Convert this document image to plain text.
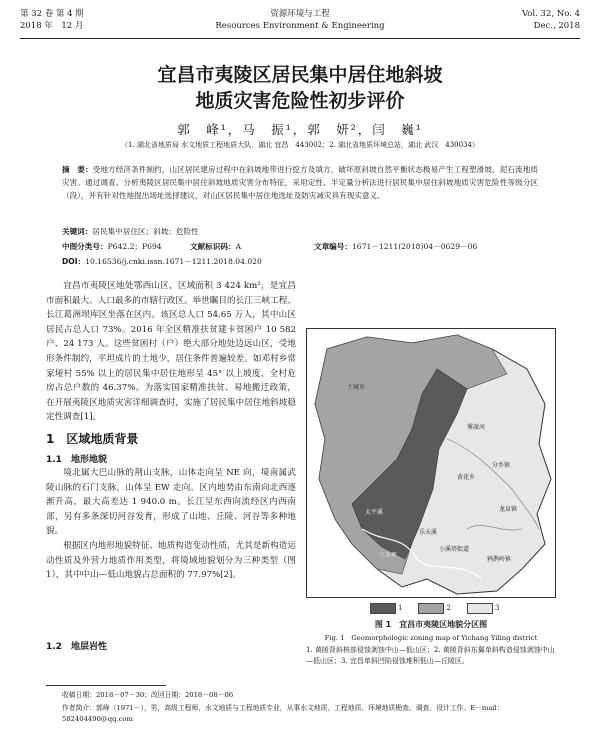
第 32 卷 第 4 期
2018 年　12 月
资源环境与工程
Resources Environment & Engineering
Vol. 32, No. 4
Dec., 2018
宜昌市夷陵区居民集中居住地斜坡
地质灾害危险性初步评价
郭　峰¹，马　振¹，郭　妍²，闫　巍¹
（1. 湖北省地质局 水文地质工程地质大队，湖北 宜昌　443002；2. 湖北省地质环境总站，湖北 武汉　430034）
摘　要：受地方经济条件制约，山区居民建房过程中在斜坡地带进行挖方及填方，破坏原斜坡自然平衡状态极易产生工程塑滑坡、泥石流地质灾害。通过调查、分析夷陵区居民集中居住斜坡地质灾害分布特征，采用定性、半定量分析法进行居民集中居住斜坡地质灾害危险性等级分区（段），并有针对性地提出场址选择建议，对山区居民集中居住地选址及防灾减灾具有现实意义。
关键词：居民集中居住区；斜坡；危险性
中图分类号：P642.2；P694	文献标识码：A	文章编号：1671－1211(2018)04－0629－06
DOI：10.16536/j.cnki.issn.1671－1211.2018.04.020

宜昌市夷陵区地处鄂西山区，区域面积 3 424 km²，是宜昌市面积最大、人口最多的市辖行政区。举世瞩目的长江三峡工程、长江葛洲坝库区坐落在区内。该区总人口 54.65 万人，其中山区居民占总人口 73%。2016 年全区精准扶贫建卡贫困户 10 582 户、24 173 人。这些贫困村（户）绝大部分地处边远山区，受地形条件制约，平坦成片的土地少，居住条件普遍较差。如邓村乡常家垭村 55% 以上的居民集中居住地形呈 45° 以上坡度，全村危房占总户数的 46.37%。为落实国家精准扶贫、易地搬迁政策，在开展夷陵区地质灾害详细调查时，实施了居民集中居住地斜坡稳定性调查[1]。

1　区域地质背景
1.1　地形地貌

境北属大巴山脉的荆山支脉，山体走向呈 NE 向，境南属武陵山脉的石门支脉，山体呈 EW 走向。区内地势由东南向北西逐渐升高，最大高差达 1 940.0 m。长江呈东西向流经区内西南部，另有多条深切河谷发育，形成了山地、丘陵、河谷等多种地貌。

根据区内地形地貌特征、地质构造变动性质，尤其是新构造运动性质及外营力地质作用类型，将境域地貌划分为三种类型（图 1），其中中山—低山地貌占总面积的 77.97%[2]。

1.2　地层岩性
太平溪
乐天溪
三斗坪
雾渡河
分乡镇
黄花乡
小溪塔街道
龙泉镇
鸦鹊岭镇
土城乡
1	2	3
图 1　宜昌市夷陵区地貌分区图
Fig. 1　Geomorphologic zoning map of Yichang Yiling district
1. 黄陵背斜核部侵蚀剥蚀中山—低山区；2. 黄陵背斜东翼单斜构造侵蚀剥蚀中山—低山区；3. 宜昌单斜凹陷侵蚀堆积低山—丘陵区。
收稿日期：2018－07－30；改回日期：2018－08－06
作者简介：郭峰（1971－），男，高级工程师，水文地质与工程地质专业，从事水文地质、工程地质、环境地质勘查、调查、设计工作。E－mail：582404490@qq.com
